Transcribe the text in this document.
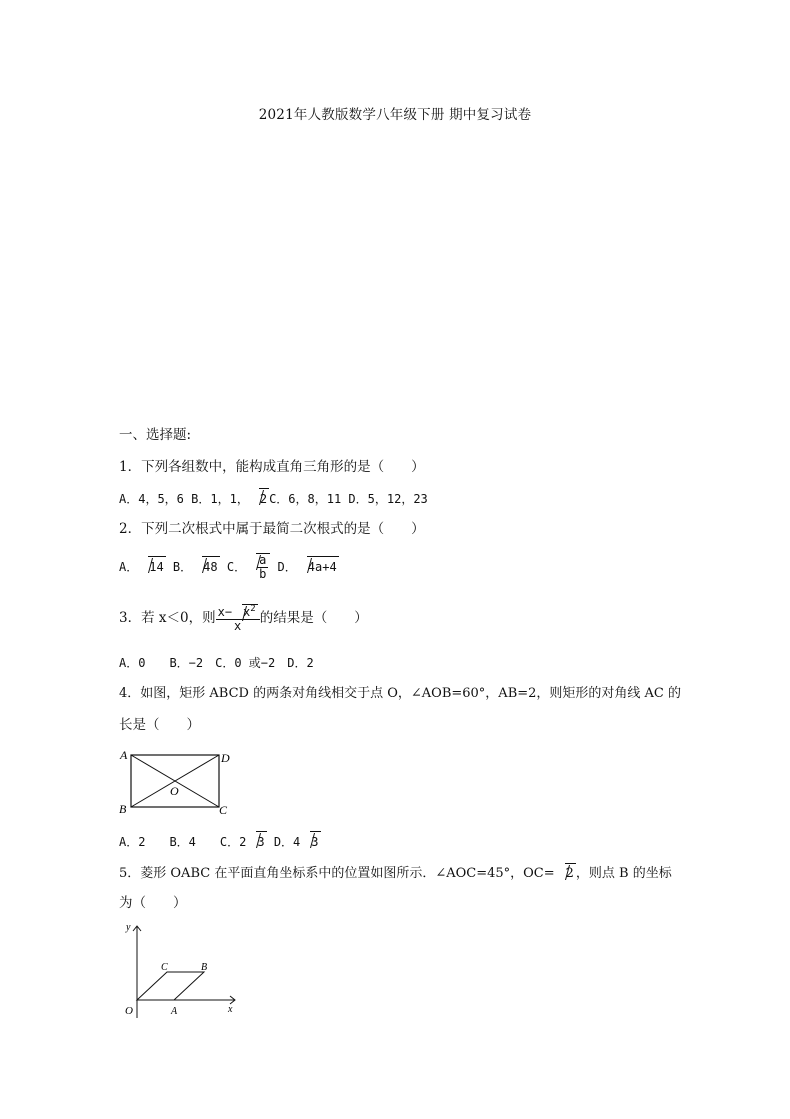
2021年人教版数学八年级下册 期中复习试卷
一、选择题:
1．下列各组数中，能构成直角三角形的是（　　）
A．4，5，6 B．1，1， 2 C．6，8，11 D．5，12，23
2．下列二次根式中属于最简二次根式的是（　　）
A． 14 B． 48 C． $\frac{a}{b}$ D． 4a+4
3．若 x＜0，则 $\frac{x- x^2}{x}$ 的结果是（　　）
A．0　　B．−2　C．0 或−2　D．2
4．如图，矩形 ABCD 的两条对角线相交于点 O，∠AOB=60°，AB=2，则矩形的对角线 AC 的
长是（　　）
A	D
B	C
O
A．2　　B．4　　C．2 3 D．4 3
5．菱形 OABC 在平面直角坐标系中的位置如图所示．∠AOC=45°，OC= 2 ，则点 B 的坐标
为（　　）
y
x
O	A
C	B
